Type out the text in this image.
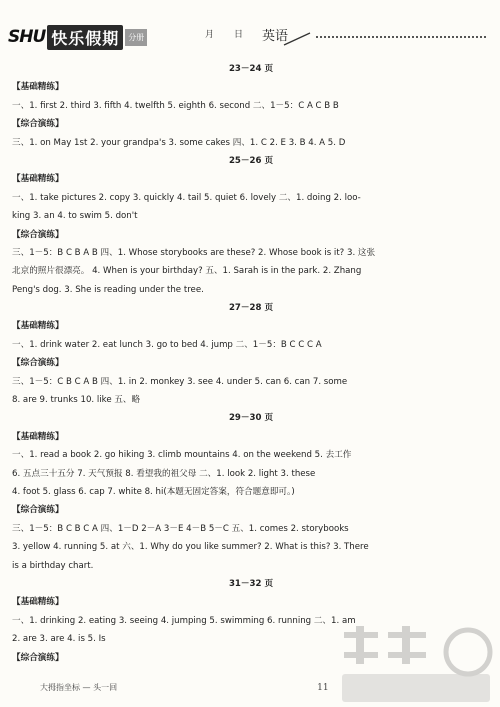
SHU 快乐假期	分册	月 日 英语
23－24 页
【基础精练】
一、1. first 2. third 3. fifth 4. twelfth 5. eighth 6. second 二、1－5：C A C B B
【综合演练】
三、1. on May 1st 2. your grandpa's 3. some cakes 四、1. C 2. E 3. B 4. A 5. D
25－26 页
【基础精练】
一、1. take pictures 2. copy 3. quickly 4. tail 5. quiet 6. lovely 二、1. doing 2. loo-
king 3. an 4. to swim 5. don't
【综合演练】
三、1－5：B C B A B 四、1. Whose storybooks are these? 2. Whose book is it? 3. 这张
北京的照片很漂亮。 4. When is your birthday? 五、1. Sarah is in the park. 2. Zhang
Peng's dog. 3. She is reading under the tree.
27－28 页
【基础精练】
一、1. drink water 2. eat lunch 3. go to bed 4. jump 二、1－5：B C C C A
【综合演练】
三、1－5：C B C A B 四、1. in 2. monkey 3. see 4. under 5. can 6. can 7. some
8. are 9. trunks 10. like 五、略
29－30 页
【基础精练】
一、1. read a book 2. go hiking 3. climb mountains 4. on the weekend 5. 去工作
6. 五点三十五分 7. 天气预报 8. 看望我的祖父母 二、1. look 2. light 3. these
4. foot 5. glass 6. cap 7. white 8. hi(本题无固定答案，符合题意即可。)
【综合演练】
三、1－5：B C B C A 四、1－D 2－A 3－E 4－B 5－C 五、1. comes 2. storybooks
3. yellow 4. running 5. at 六、1. Why do you like summer? 2. What is this? 3. There
is a birthday chart.
31－32 页
【基础精练】
一、1. drinking 2. eating 3. seeing 4. jumping 5. swimming 6. running 二、1. am
2. are 3. are 4. is 5. Is
【综合演练】
大拇指坐标 — 头一回	11
